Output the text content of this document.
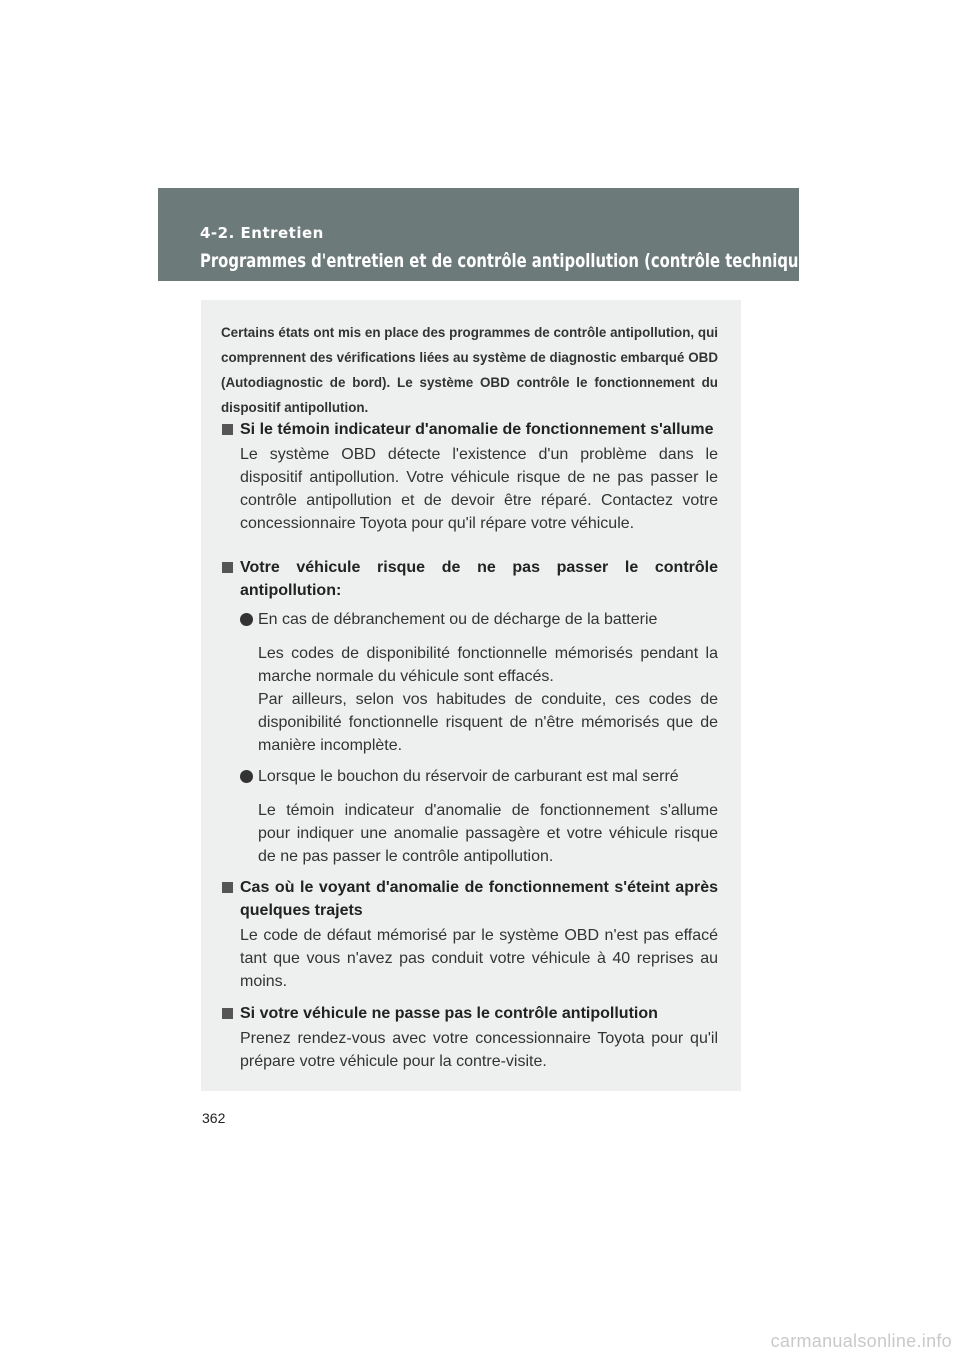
4-2. Entretien
Programmes d'entretien et de contrôle antipollution (contrôle technique)

Certains états ont mis en place des programmes de contrôle antipollution, qui comprennent des vérifications liées au système de diagnostic embarqué OBD (Autodiagnostic de bord). Le système OBD contrôle le fonctionnement du dispositif antipollution.

Si le témoin indicateur d'anomalie de fonctionnement s'allume

Le système OBD détecte l'existence d'un problème dans le dispositif antipollution. Votre véhicule risque de ne pas passer le contrôle antipollution et de devoir être réparé. Contactez votre concessionnaire Toyota pour qu'il répare votre véhicule.

Votre véhicule risque de ne pas passer le contrôle antipollution:

En cas de débranchement ou de décharge de la batterie

Les codes de disponibilité fonctionnelle mémorisés pendant la marche normale du véhicule sont effacés.

Par ailleurs, selon vos habitudes de conduite, ces codes de disponibilité fonctionnelle risquent de n'être mémorisés que de manière incomplète.

Lorsque le bouchon du réservoir de carburant est mal serré

Le témoin indicateur d'anomalie de fonctionnement s'allume pour indiquer une anomalie passagère et votre véhicule risque de ne pas passer le contrôle antipollution.

Cas où le voyant d'anomalie de fonctionnement s'éteint après quelques trajets

Le code de défaut mémorisé par le système OBD n'est pas effacé tant que vous n'avez pas conduit votre véhicule à 40 reprises au moins.

Si votre véhicule ne passe pas le contrôle antipollution

Prenez rendez-vous avec votre concessionnaire Toyota pour qu'il prépare votre véhicule pour la contre-visite.
362
carmanualsonline.info
